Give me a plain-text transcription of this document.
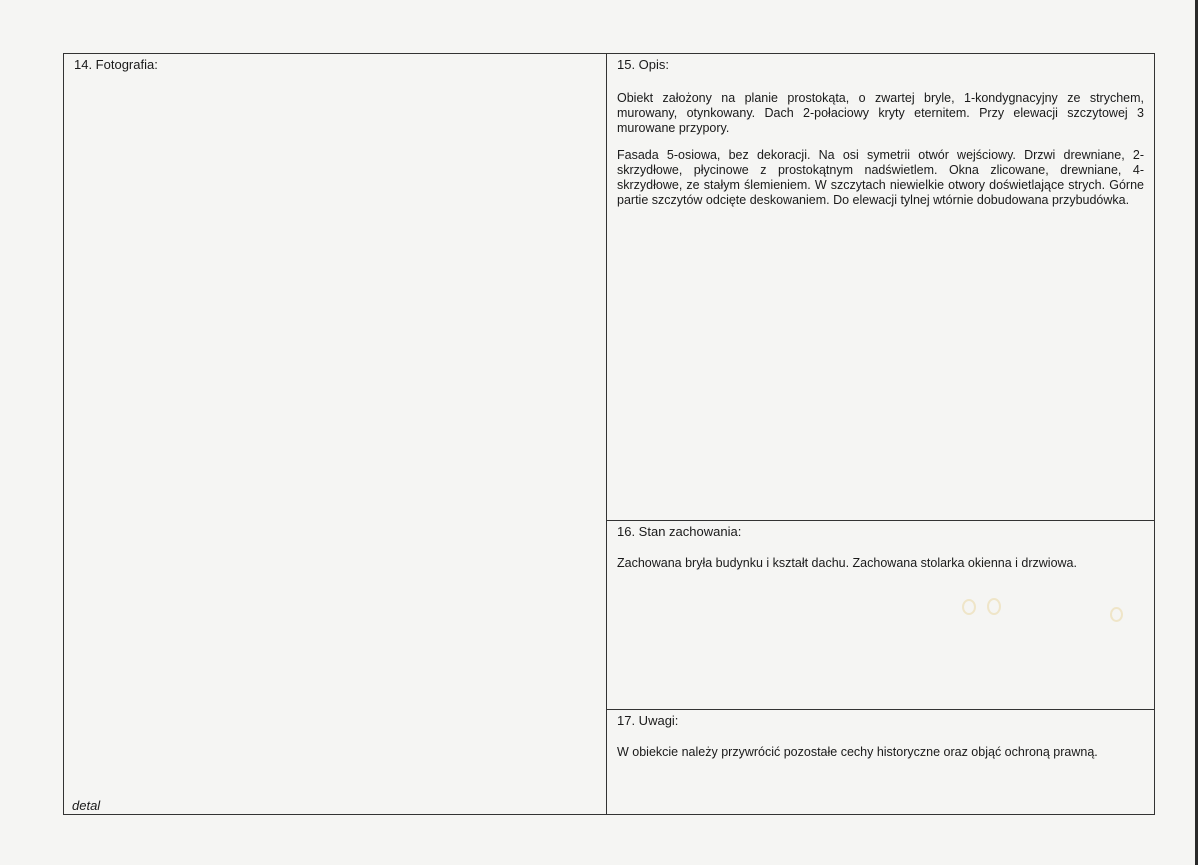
14. Fotografia:
detal
15. Opis:

Obiekt założony na planie prostokąta, o zwartej bryle, 1-kondygnacyjny ze strychem, murowany, otynkowany. Dach 2-połaciowy kryty eternitem. Przy elewacji szczytowej 3 murowane przypory.

Fasada 5-osiowa, bez dekoracji. Na osi symetrii otwór wejściowy. Drzwi drewniane, 2-skrzydłowe, płycinowe z prostokątnym nadświetlem. Okna zlicowane, drewniane, 4-skrzydłowe, ze stałym ślemieniem. W szczytach niewielkie otwory doświetlające strych. Górne partie szczytów odcięte deskowaniem. Do elewacji tylnej wtórnie dobudowana przybudówka.

16. Stan zachowania:
Zachowana bryła budynku i kształt dachu. Zachowana stolarka okienna i drzwiowa.
17. Uwagi:
W obiekcie należy przywrócić pozostałe cechy historyczne oraz objąć ochroną prawną.
